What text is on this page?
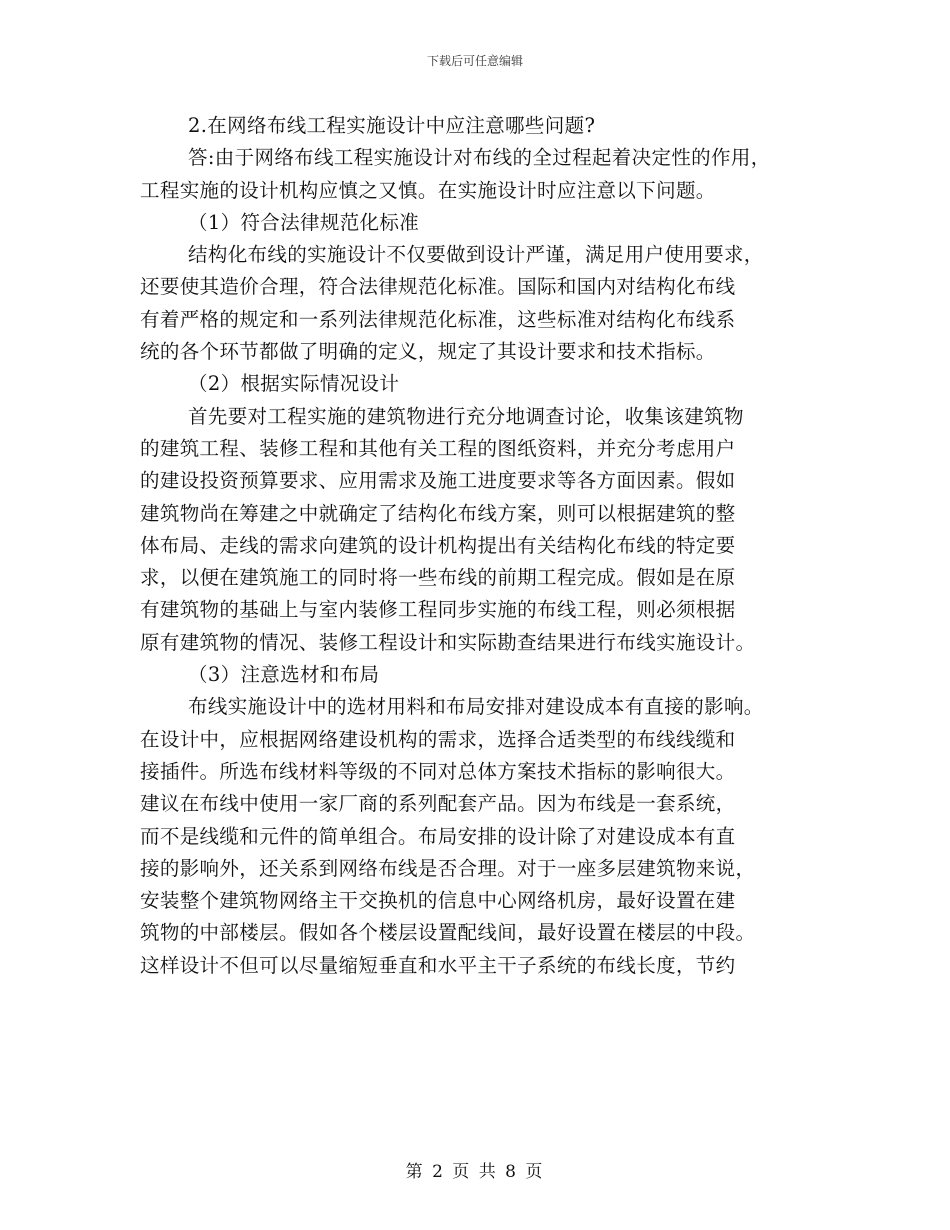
下载后可任意编辑
2.在网络布线工程实施设计中应注意哪些问题?
答:由于网络布线工程实施设计对布线的全过程起着决定性的作用，
工程实施的设计机构应慎之又慎。在实施设计时应注意以下问题。
（1）符合法律规范化标准
结构化布线的实施设计不仅要做到设计严谨，满足用户使用要求，
还要使其造价合理，符合法律规范化标准。国际和国内对结构化布线
有着严格的规定和一系列法律规范化标准，这些标准对结构化布线系
统的各个环节都做了明确的定义，规定了其设计要求和技术指标。
（2）根据实际情况设计
首先要对工程实施的建筑物进行充分地调查讨论，收集该建筑物
的建筑工程、装修工程和其他有关工程的图纸资料，并充分考虑用户
的建设投资预算要求、应用需求及施工进度要求等各方面因素。假如
建筑物尚在筹建之中就确定了结构化布线方案，则可以根据建筑的整
体布局、走线的需求向建筑的设计机构提出有关结构化布线的特定要
求，以便在建筑施工的同时将一些布线的前期工程完成。假如是在原
有建筑物的基础上与室内装修工程同步实施的布线工程，则必须根据
原有建筑物的情况、装修工程设计和实际勘查结果进行布线实施设计。
（3）注意选材和布局
布线实施设计中的选材用料和布局安排对建设成本有直接的影响。
在设计中，应根据网络建设机构的需求，选择合适类型的布线线缆和
接插件。所选布线材料等级的不同对总体方案技术指标的影响很大。
建议在布线中使用一家厂商的系列配套产品。因为布线是一套系统，
而不是线缆和元件的简单组合。布局安排的设计除了对建设成本有直
接的影响外，还关系到网络布线是否合理。对于一座多层建筑物来说，
安装整个建筑物网络主干交换机的信息中心网络机房，最好设置在建
筑物的中部楼层。假如各个楼层设置配线间，最好设置在楼层的中段。
这样设计不但可以尽量缩短垂直和水平主干子系统的布线长度，节约
第 2 页 共 8 页
